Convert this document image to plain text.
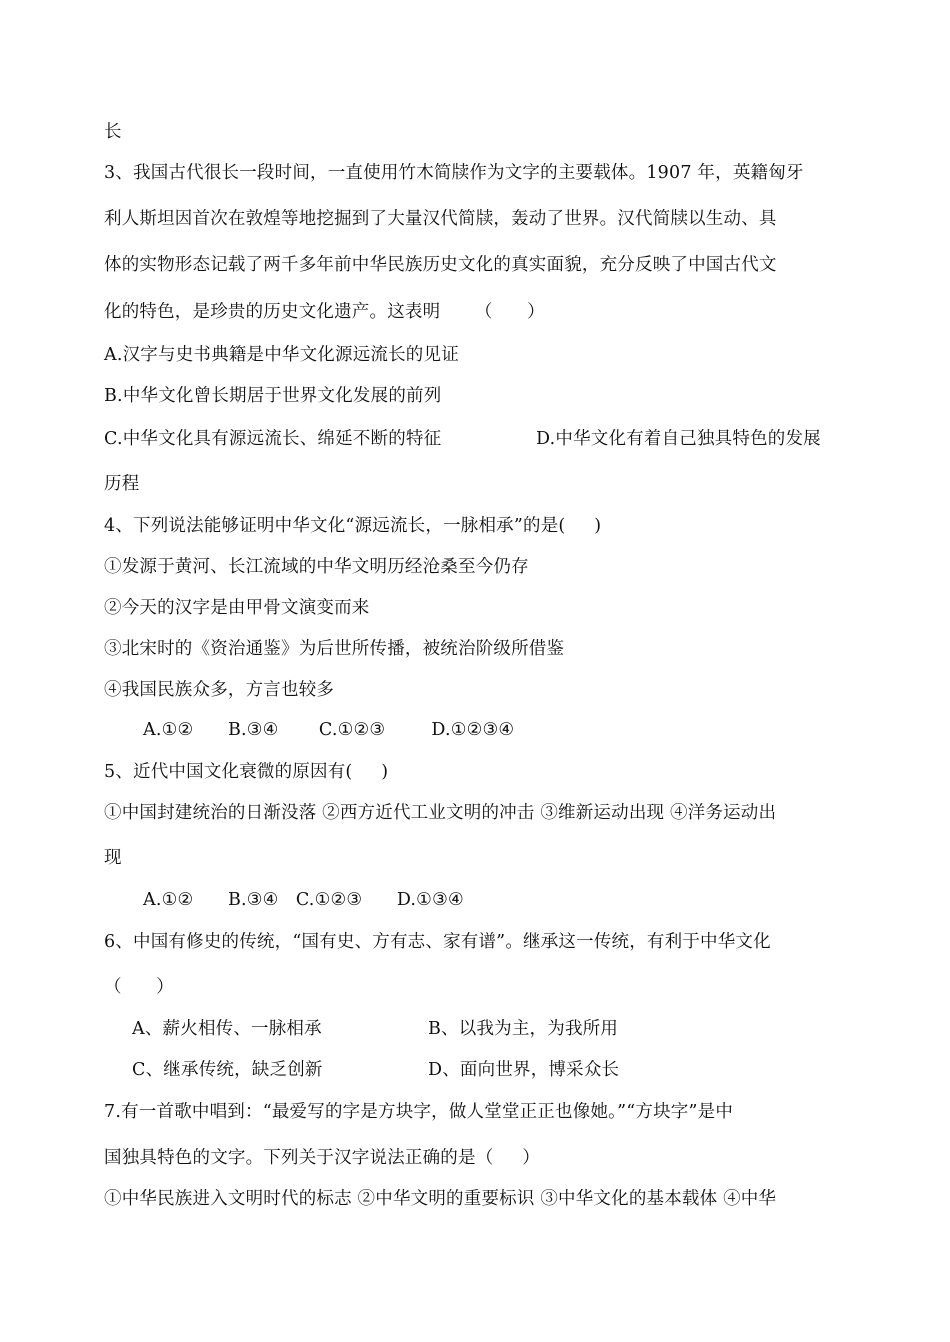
长
3、我国古代很长一段时间，一直使用竹木简牍作为文字的主要载体。1907 年，英籍匈牙
利人斯坦因首次在敦煌等地挖掘到了大量汉代简牍，轰动了世界。汉代简牍以生动、具
体的实物形态记载了两千多年前中华民族历史文化的真实面貌，充分反映了中国古代文
化的特色，是珍贵的历史文化遗产。这表明      （      ）
A.汉字与史书典籍是中华文化源远流长的见证
B.中华文化曾长期居于世界文化发展的前列
C.中华文化具有源远流长、绵延不断的特征	D.中华文化有着自己独具特色的发展
历程
4、下列说法能够证明中华文化“源远流长，一脉相承”的是(     )
①发源于黄河、长江流域的中华文明历经沧桑至今仍存
②今天的汉字是由甲骨文演变而来
③北宋时的《资治通鉴》为后世所传播，被统治阶级所借鉴
④我国民族众多，方言也较多
A.①②      B.③④       C.①②③        D.①②③④
5、近代中国文化衰微的原因有(     )
①中国封建统治的日渐没落 ②西方近代工业文明的冲击 ③维新运动出现 ④洋务运动出
现
A.①②      B.③④   C.①②③      D.①③④
6、中国有修史的传统，“国有史、方有志、家有谱”。继承这一传统，有利于中华文化
（      ）
A、薪火相传、一脉相承	B、以我为主，为我所用
C、继承传统，缺乏创新	D、面向世界，博采众长
7.有一首歌中唱到：“最爱写的字是方块字，做人堂堂正正也像她。”“方块字”是中
国独具特色的文字。下列关于汉字说法正确的是（     ）
①中华民族进入文明时代的标志 ②中华文明的重要标识 ③中华文化的基本载体 ④中华
